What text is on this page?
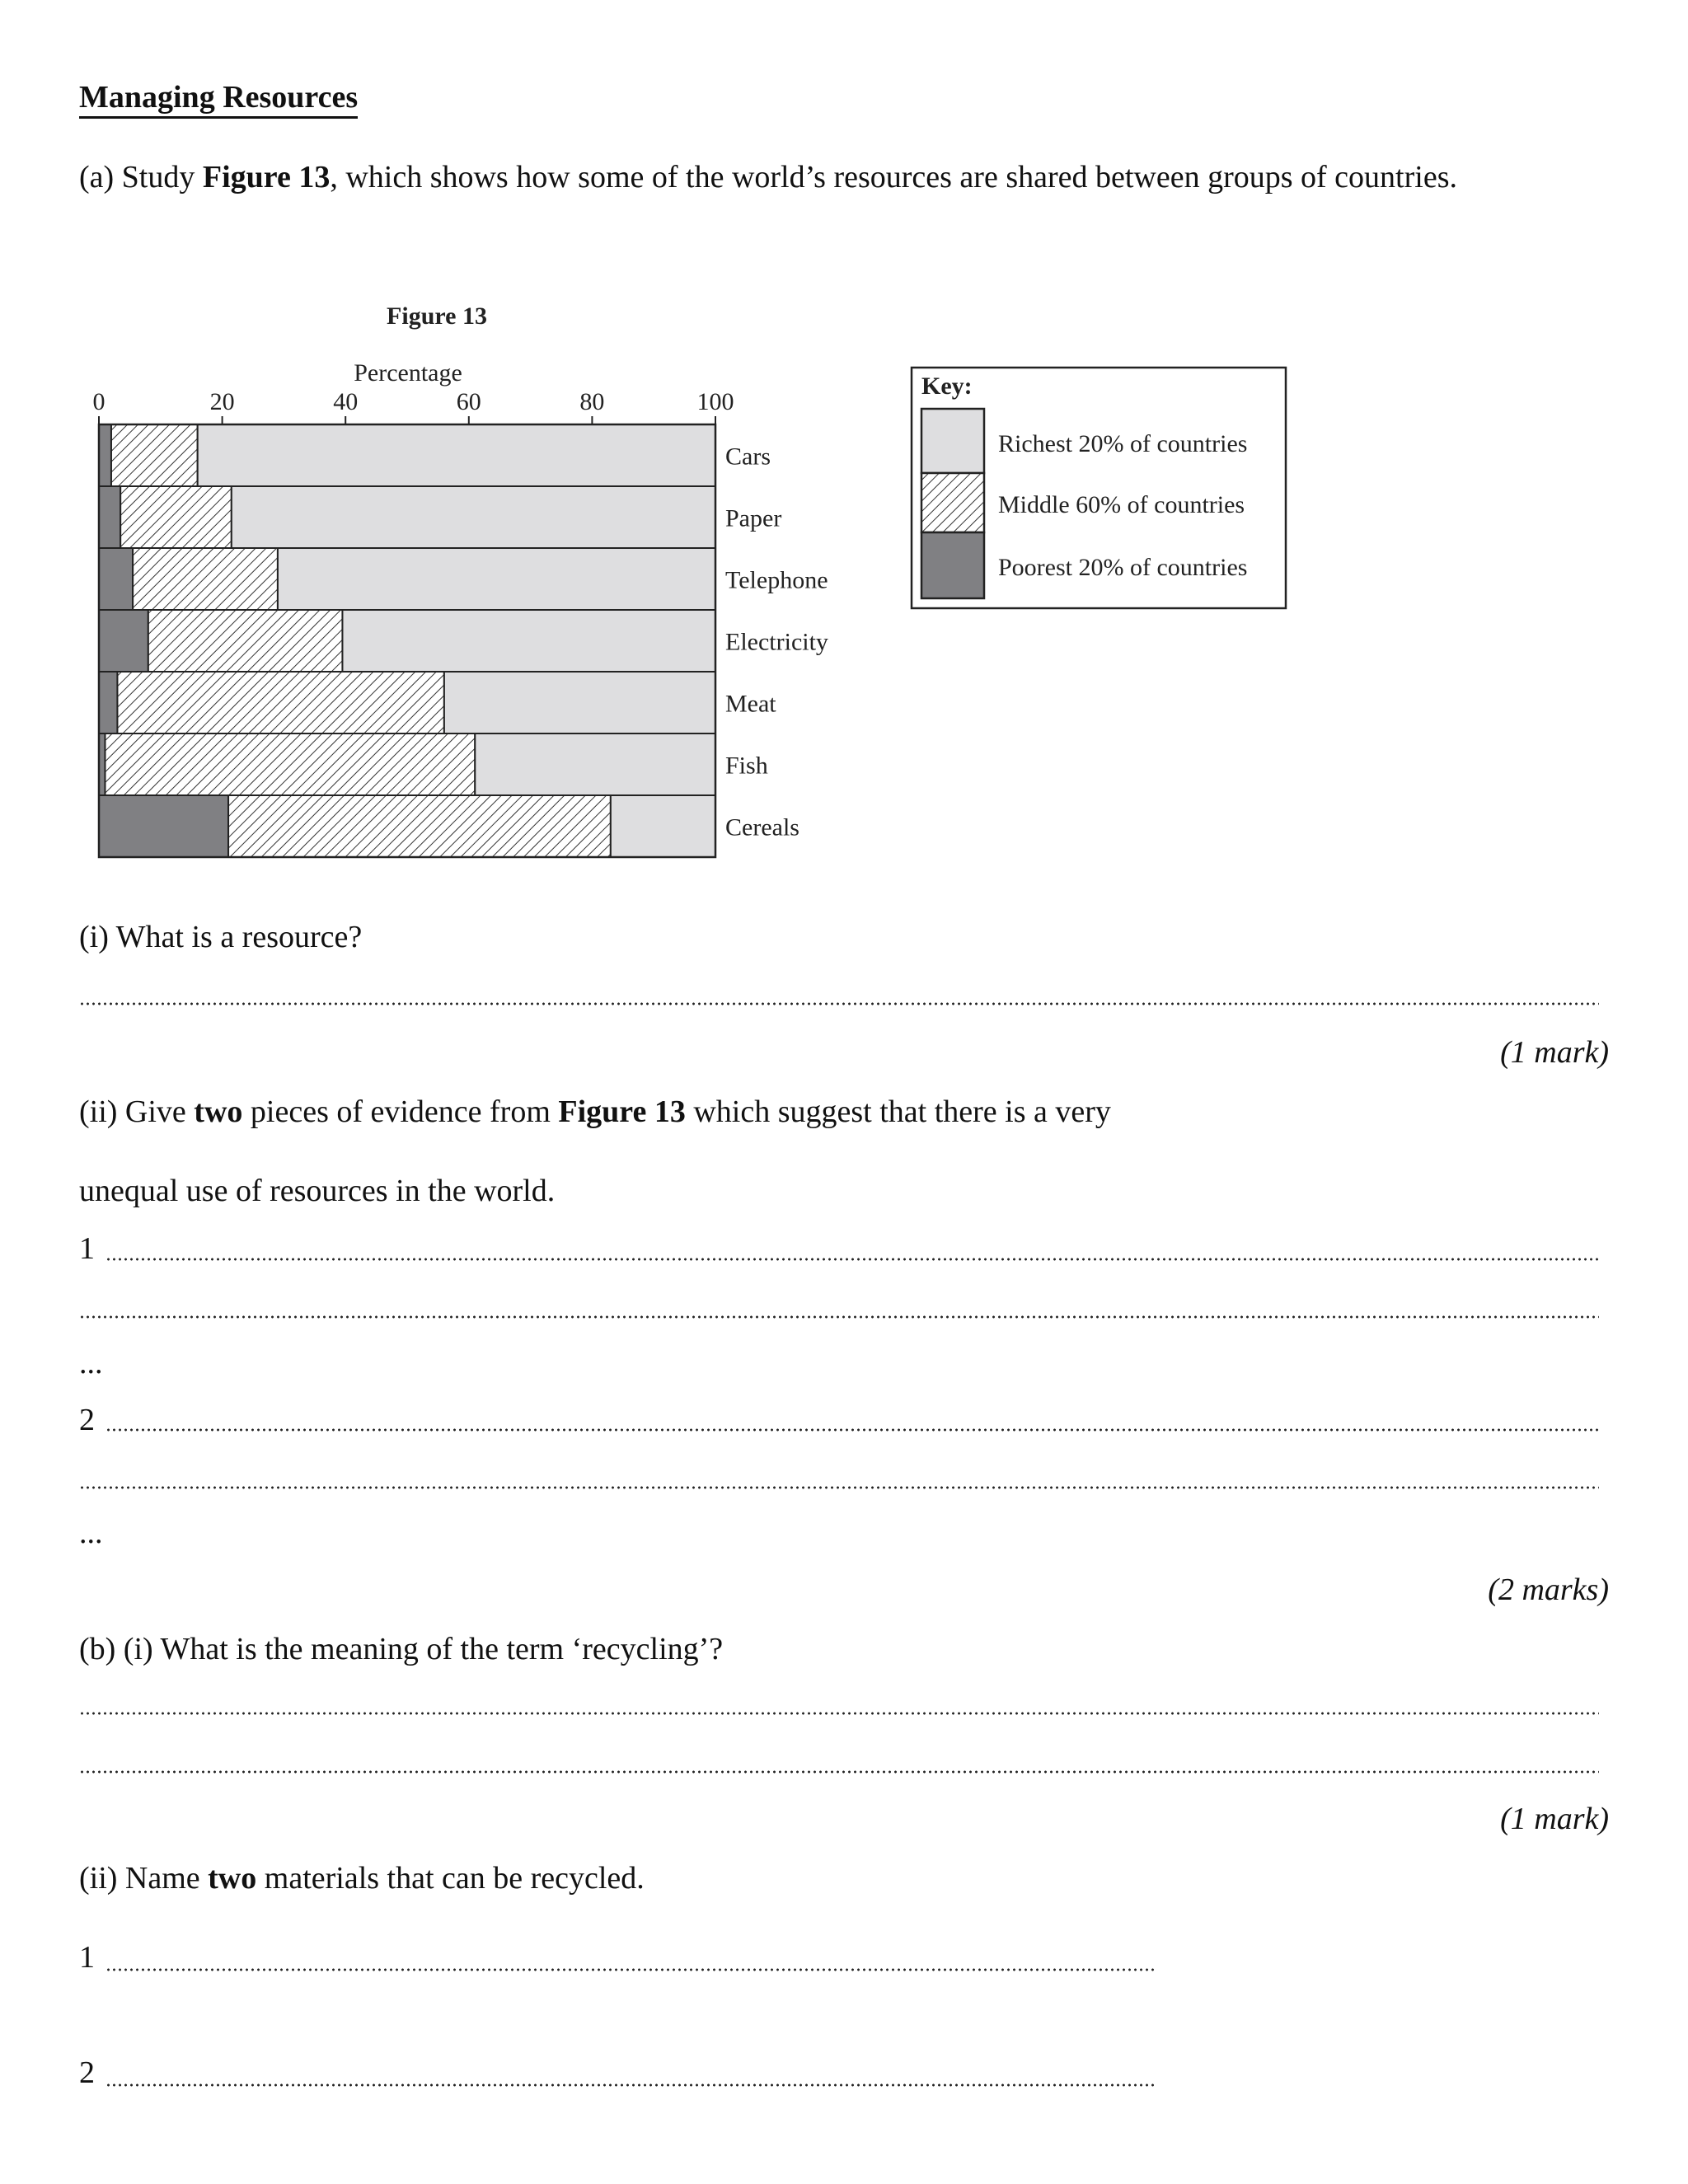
Managing Resources
(a) Study Figure 13, which shows how some of the world’s resources are shared between groups of countries.
Figure 13
Percentage
0	20	40	60	80	100
Cars
Paper
Telephone
Electricity
Meat
Fish
Cereals
Key:
Richest 20% of countries
Middle 60% of countries
Poorest 20% of countries
(i) What is a resource?
(1 mark)
(ii) Give two pieces of evidence from Figure 13 which suggest that there is a very
unequal use of resources in the world.
1
...
2
...
(2 marks)
(b) (i) What is the meaning of the term ‘recycling’?
(1 mark)
(ii) Name two materials that can be recycled.
1
2
